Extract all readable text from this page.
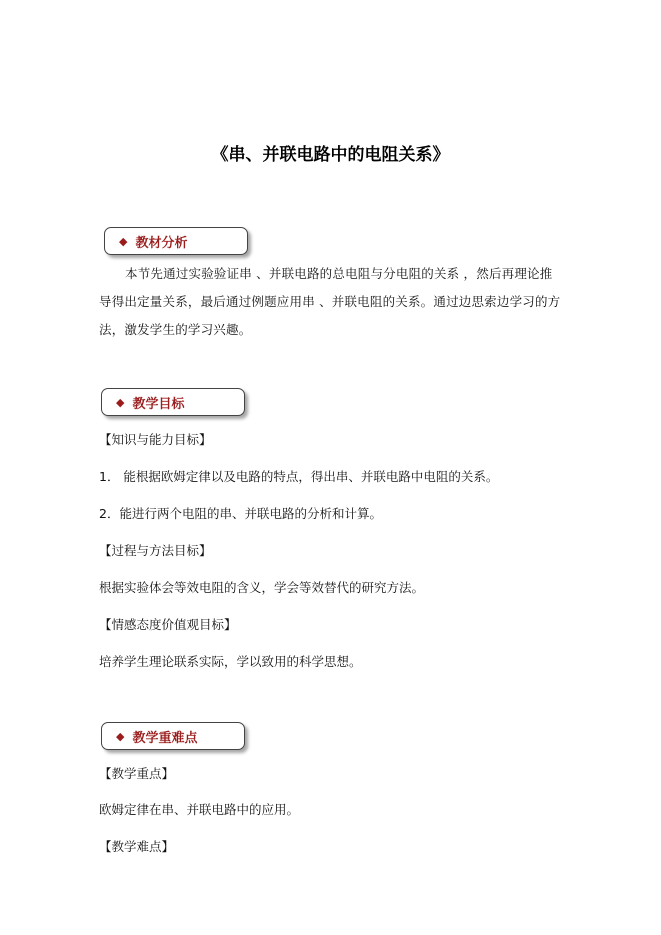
《串、并联电路中的电阻关系》
◆ 教材分析
本节先通过实验验证串 、并联电路的总电阻与分电阻的关系 ，然后再理论推导得出定量关系，最后通过例题应用串 、并联电阻的关系。通过边思索边学习的方法，激发学生的学习兴趣。
◆ 教学目标
【知识与能力目标】
1． 能根据欧姆定律以及电路的特点，得出串、并联电路中电阻的关系。
2．能进行两个电阻的串、并联电路的分析和计算。
【过程与方法目标】
根据实验体会等效电阻的含义，学会等效替代的研究方法。
【情感态度价值观目标】
培养学生理论联系实际，学以致用的科学思想。
◆ 教学重难点
【教学重点】
欧姆定律在串、并联电路中的应用。
【教学难点】
